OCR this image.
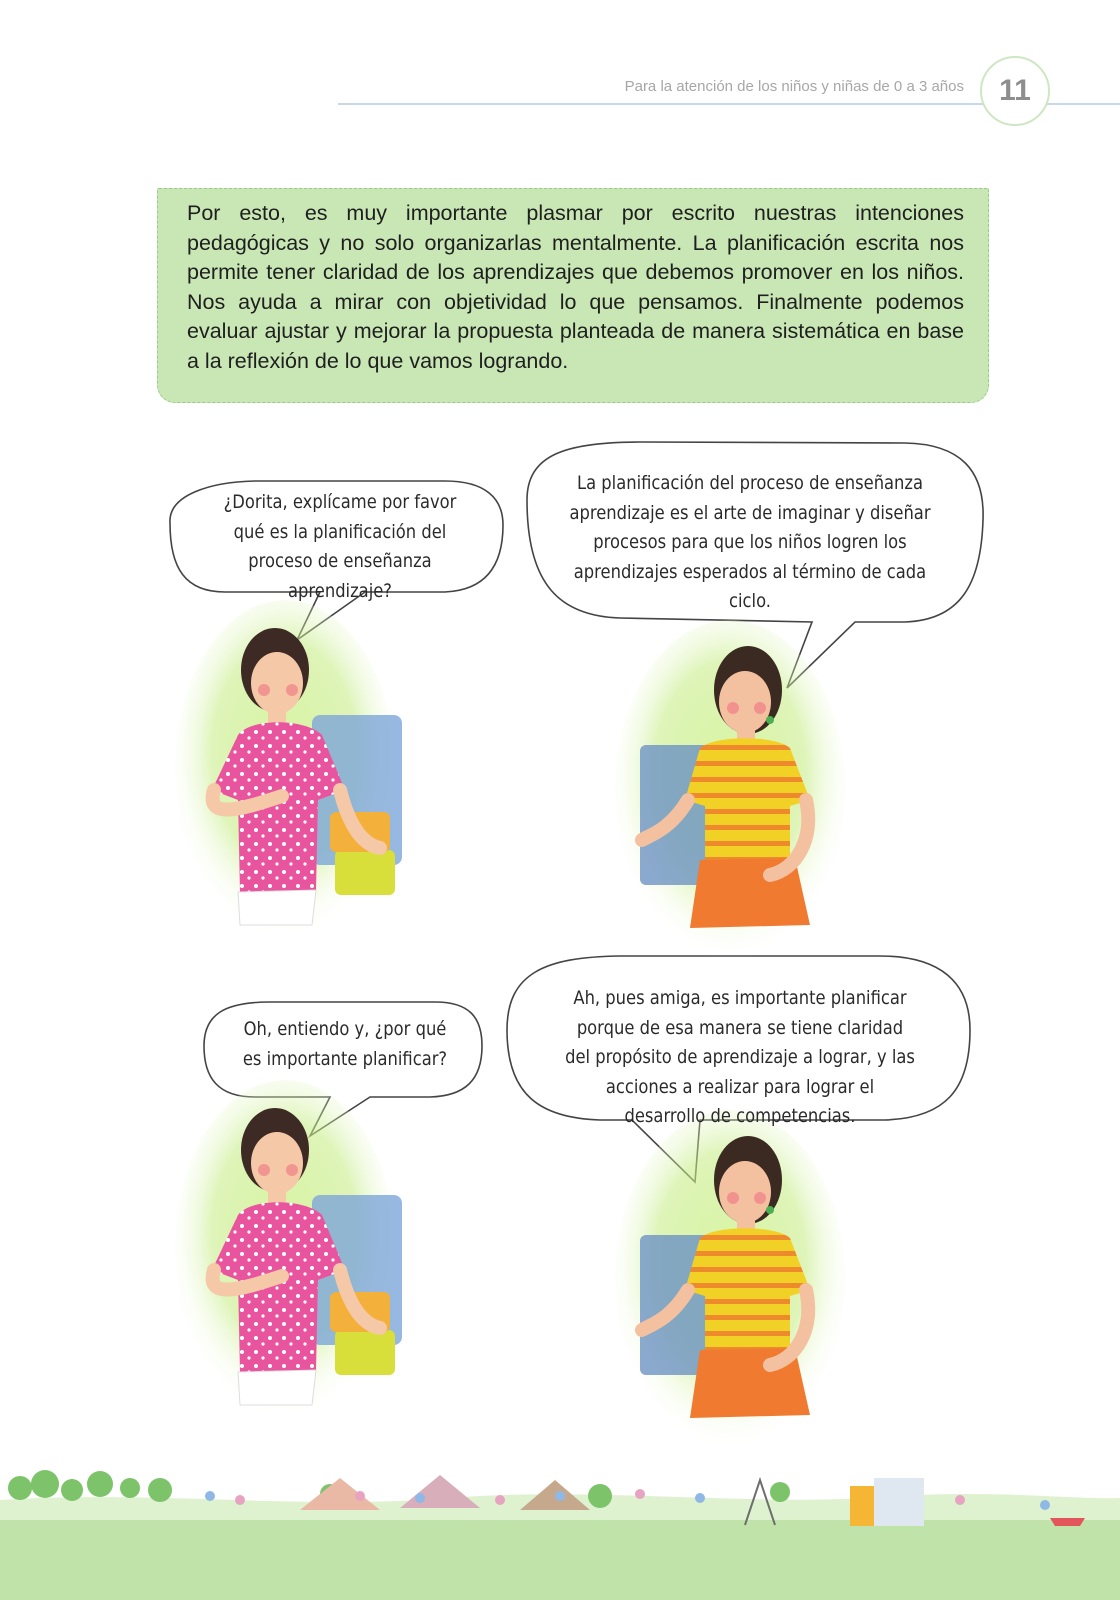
Para la atención de los niños y niñas de 0 a 3 años	11
Por esto, es muy importante plasmar por escrito nuestras intenciones pedagógicas y no solo organizarlas mentalmente. La planificación escrita nos permite tener claridad de los aprendizajes que debemos promover en los niños. Nos ayuda a mirar con objetividad lo que pensamos. Finalmente podemos evaluar ajustar y mejorar la propuesta planteada de manera sistemática en base a la reflexión de lo que vamos logrando.
¿Dorita, explícame por favor qué es la planificación del proceso de enseñanza aprendizaje?
La planificación del proceso de enseñanza aprendizaje es el arte de imaginar y diseñar procesos para que los niños logren los aprendizajes esperados al término de cada ciclo.
Oh, entiendo y, ¿por qué es importante planificar?
Ah, pues amiga, es importante planificar porque de esa manera se tiene claridad del propósito de aprendizaje a lograr, y las acciones a realizar para lograr el desarrollo de competencias.
